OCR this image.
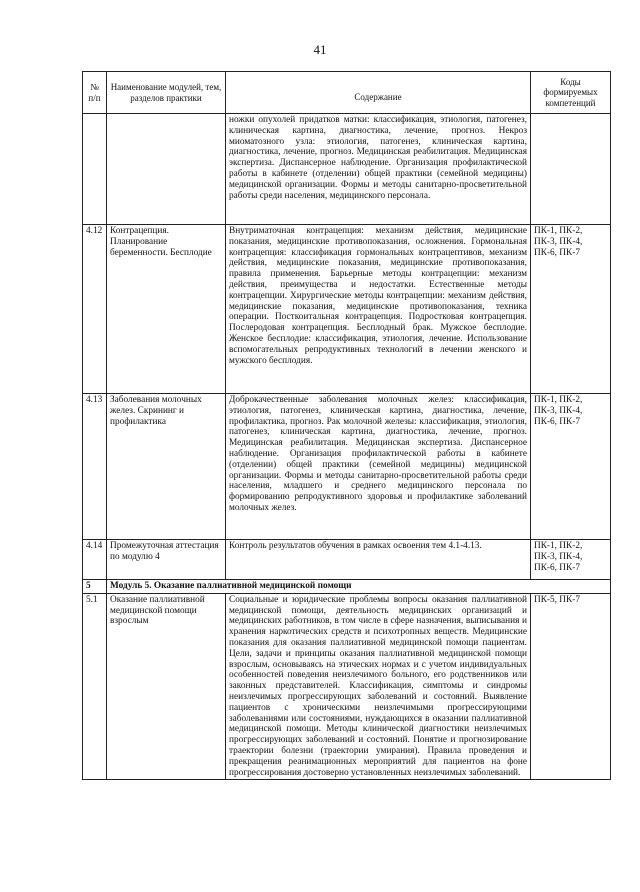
41
№ п/п	Наименование модулей, тем, разделов практики	Содержание	Коды формируемых компетенций
		ножки опухолей придатков матки: классификация, этиология, патогенез, клиническая картина, диагностика, лечение, прогноз. Некроз миоматозного узла: этиология, патогенез, клиническая картина, диагностика, лечение, прогноз. Медицинская реабилитация. Медицинская экспертиза. Диспансерное наблюдение. Организация профилактической работы в кабинете (отделении) общей практики (семейной медицины) медицинской организации. Формы и методы санитарно-просветительной работы среди населения, медицинского персонала.	
4.12	Контрацепция. Планирование беременности. Бесплодие	Внутриматочная контрацепция: механизм действия, медицинские показания, медицинские противопоказания, осложнения. Гормональная контрацепция: классификация гормональных контрацептивов, механизм действия, медицинские показания, медицинские противопоказания, правила применения. Барьерные методы контрацепции: механизм действия, преимущества и недостатки. Естественные методы контрацепции. Хирургические методы контрацепции: механизм действия, медицинские показания, медицинские противопоказания, техника операции. Посткоитальная контрацепция. Подростковая контрацепция. Послеродовая контрацепция. Бесплодный брак. Мужское бесплодие. Женское бесплодие: классификация, этиология, лечение. Использование вспомогательных репродуктивных технологий в лечении женского и мужского бесплодия.	ПК-1, ПК-2, ПК-3, ПК-4, ПК-6, ПК-7
4.13	Заболевания молочных желез. Скрининг и профилактика	Доброкачественные заболевания молочных желез: классификация, этиология, патогенез, клиническая картина, диагностика, лечение, профилактика, прогноз. Рак молочной железы: классификация, этиология, патогенез, клиническая картина, диагностика, лечение, прогноз. Медицинская реабилитация. Медицинская экспертиза. Диспансерное наблюдение. Организация профилактической работы в кабинете (отделении) общей практики (семейной медицины) медицинской организации. Формы и методы санитарно-просветительной работы среди населения, младшего и среднего медицинского персонала по формированию репродуктивного здоровья и профилактике заболеваний молочных желез.	ПК-1, ПК-2, ПК-3, ПК-4, ПК-6, ПК-7
4.14	Промежуточная аттестация по модулю 4	Контроль результатов обучения в рамках освоения тем 4.1-4.13.	ПК-1, ПК-2, ПК-3, ПК-4, ПК-6, ПК-7
5	Модуль 5. Оказание паллиативной медицинской помощи		
5.1	Оказание паллиативной медицинской помощи взрослым	Социальные и юридические проблемы вопросы оказания паллиативной медицинской помощи, деятельность медицинских организаций и медицинских работников, в том числе в сфере назначения, выписывания и хранения наркотических средств и психотропных веществ. Медицинские показания для оказания паллиативной медицинской помощи пациентам. Цели, задачи и принципы оказания паллиативной медицинской помощи взрослым, основываясь на этических нормах и с учетом индивидуальных особенностей поведения неизлечимого больного, его родственников или законных представителей. Классификация, симптомы и синдромы неизлечимых прогрессирующих заболеваний и состояний. Выявление пациентов с хроническими неизлечимыми прогрессирующими заболеваниями или состояниями, нуждающихся в оказании паллиативной медицинской помощи. Методы клинической диагностики неизлечимых прогрессирующих заболеваний и состояний. Понятие и прогнозирование траектории болезни (траектории умирания). Правила проведения и прекращения реанимационных мероприятий для пациентов на фоне прогрессирования достоверно установленных неизлечимых заболеваний.	ПК-5, ПК-7
